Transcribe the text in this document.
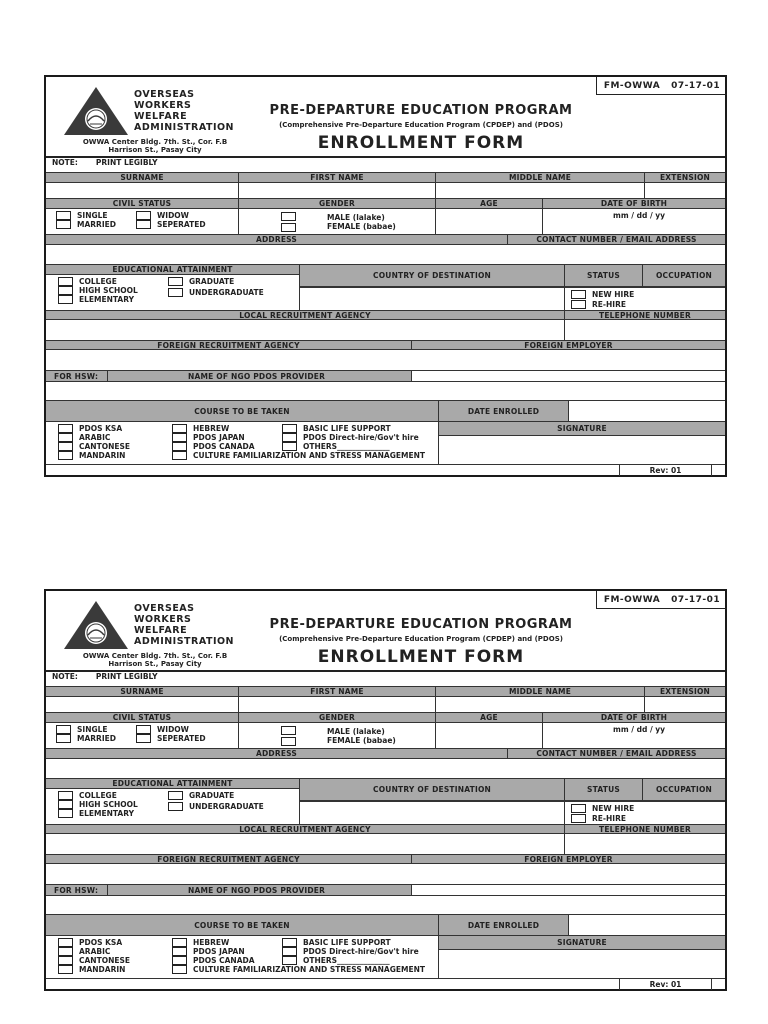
OVERSEAS
WORKERS
WELFARE
ADMINISTRATION
OWWA Center Bldg. 7th. St., Cor. F.B
Harrison St., Pasay City
FM-OWWA   07-17-01
PRE-DEPARTURE EDUCATION PROGRAM
(Comprehensive Pre-Departure Education Program (CPDEP) and (PDOS)
ENROLLMENT FORM
NOTE: PRINT LEGIBLY
SURNAME	FIRST NAME	MIDDLE NAME	EXTENSION
CIVIL STATUS	GENDER	AGE	DATE OF BIRTH
SINGLE
MARRIED
WIDOW
SEPERATED
MALE (lalake)
FEMALE (babae)
mm / dd / yy
ADDRESS	CONTACT NUMBER / EMAIL ADDRESS
EDUCATIONAL ATTAINMENT
COLLEGE
HIGH SCHOOL
ELEMENTARY
GRADUATE
UNDERGRADUATE
COUNTRY OF DESTINATION	STATUS	OCCUPATION
NEW HIRE
RE-HIRE
LOCAL RECRUITMENT AGENCY	TELEPHONE NUMBER
FOREIGN RECRUITMENT AGENCY	FOREIGN EMPLOYER
FOR HSW:	NAME OF NGO PDOS PROVIDER
COURSE TO BE TAKEN	DATE ENROLLED
PDOS KSA
ARABIC
CANTONESE
MANDARIN
HEBREW
PDOS JAPAN
PDOS CANADA
CULTURE FAMILIARIZATION AND STRESS MANAGEMENT
BASIC LIFE SUPPORT
PDOS Direct-hire/Gov't hire
OTHERS______________
SIGNATURE
Rev: 01
OVERSEAS
WORKERS
WELFARE
ADMINISTRATION
OWWA Center Bldg. 7th. St., Cor. F.B
Harrison St., Pasay City
FM-OWWA   07-17-01
PRE-DEPARTURE EDUCATION PROGRAM
(Comprehensive Pre-Departure Education Program (CPDEP) and (PDOS)
ENROLLMENT FORM
NOTE: PRINT LEGIBLY
SURNAME	FIRST NAME	MIDDLE NAME	EXTENSION
CIVIL STATUS	GENDER	AGE	DATE OF BIRTH
SINGLE
MARRIED
WIDOW
SEPERATED
MALE (lalake)
FEMALE (babae)
mm / dd / yy
ADDRESS	CONTACT NUMBER / EMAIL ADDRESS
EDUCATIONAL ATTAINMENT
COLLEGE
HIGH SCHOOL
ELEMENTARY
GRADUATE
UNDERGRADUATE
COUNTRY OF DESTINATION	STATUS	OCCUPATION
NEW HIRE
RE-HIRE
LOCAL RECRUITMENT AGENCY	TELEPHONE NUMBER
FOREIGN RECRUITMENT AGENCY	FOREIGN EMPLOYER
FOR HSW:	NAME OF NGO PDOS PROVIDER
COURSE TO BE TAKEN	DATE ENROLLED
PDOS KSA
ARABIC
CANTONESE
MANDARIN
HEBREW
PDOS JAPAN
PDOS CANADA
CULTURE FAMILIARIZATION AND STRESS MANAGEMENT
BASIC LIFE SUPPORT
PDOS Direct-hire/Gov't hire
OTHERS______________
SIGNATURE
Rev: 01
